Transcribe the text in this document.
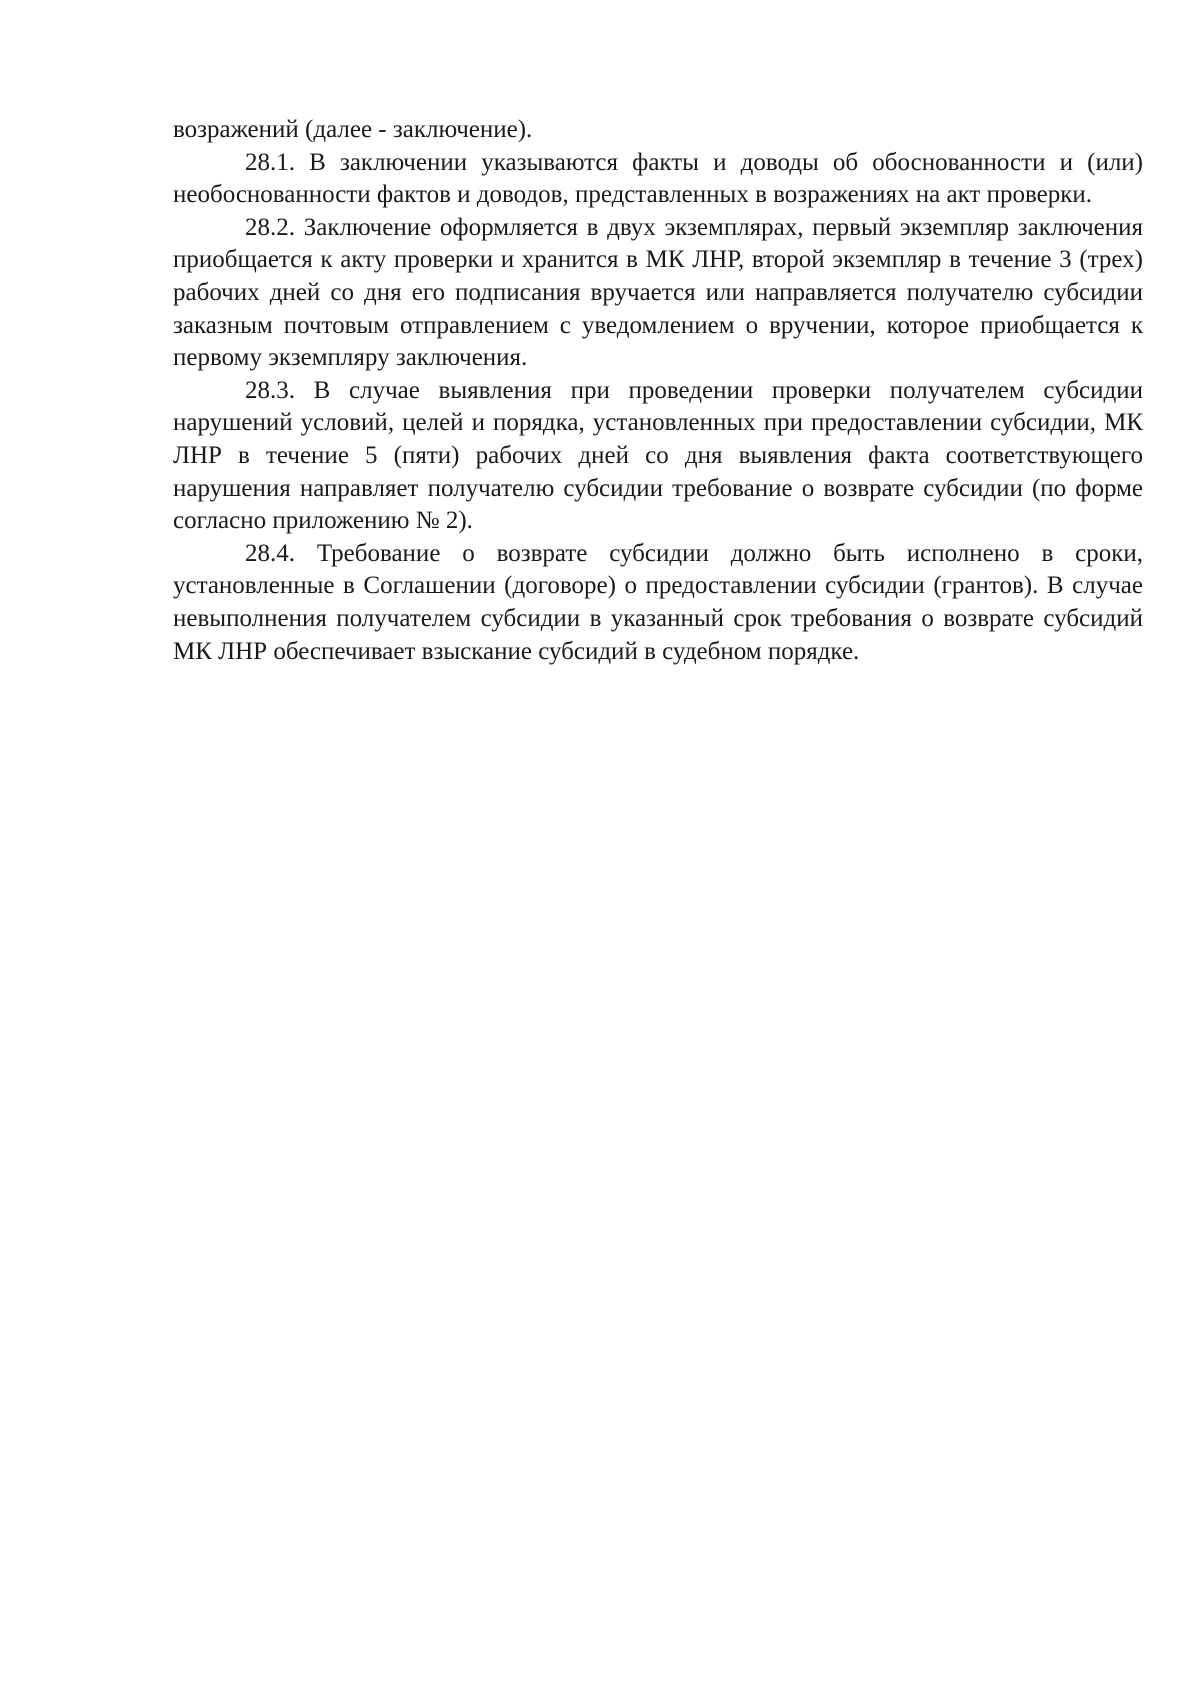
возражений (далее - заключение).

28.1. В заключении указываются факты и доводы об обоснованности и (или) необоснованности фактов и доводов, представленных в возражениях на акт проверки.

28.2. Заключение оформляется в двух экземплярах, первый экземпляр заключения приобщается к акту проверки и хранится в МК ЛНР, второй экземпляр в течение 3 (трех) рабочих дней со дня его подписания вручается или направляется получателю субсидии заказным почтовым отправлением с уведомлением о вручении, которое приобщается к первому экземпляру заключения.

28.3. В случае выявления при проведении проверки получателем субсидии нарушений условий, целей и порядка, установленных при предоставлении субсидии, МК ЛНР в течение 5 (пяти) рабочих дней со дня выявления факта соответствующего нарушения направляет получателю субсидии требование о возврате субсидии (по форме согласно приложению № 2).

28.4. Требование о возврате субсидии должно быть исполнено в сроки, установленные в Соглашении (договоре) о предоставлении субсидии (грантов). В случае невыполнения получателем субсидии в указанный срок требования о возврате субсидий МК ЛНР обеспечивает взыскание субсидий в судебном порядке.
